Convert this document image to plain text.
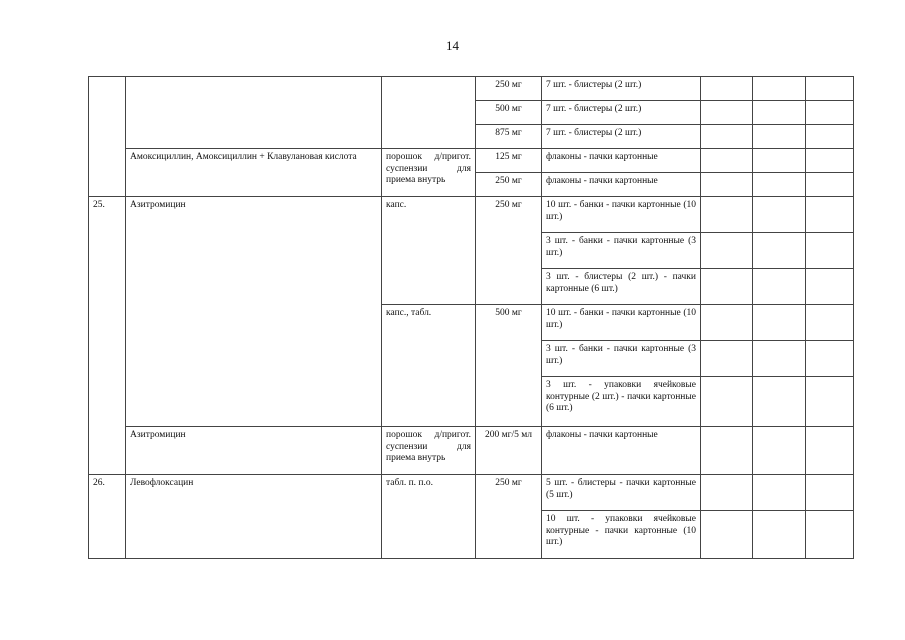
14
			250 мг	7 шт. - блистеры (2 шт.)			
			500 мг	7 шт. - блистеры (2 шт.)			
			875 мг	7 шт. - блистеры (2 шт.)			
	Амоксициллин, Амоксициллин + Клавулановая кислота	порошок д/пригот. суспензии для приема внутрь	125 мг	флаконы - пачки картонные			
			250 мг	флаконы - пачки картонные			
25.	Азитромицин	капс.	250 мг	10 шт. - банки - пачки картонные (10 шт.)			
				3 шт. - банки - пачки картонные (3 шт.)			
				3 шт. - блистеры (2 шт.) - пачки картонные (6 шт.)			
		капс., табл.	500 мг	10 шт. - банки - пачки картонные (10 шт.)			
				3 шт. - банки - пачки картонные (3 шт.)			
				3 шт. - упаковки ячейковые контурные (2 шт.) - пачки картонные (6 шт.)			
	Азитромицин	порошок д/пригот. суспензии для приема внутрь	200 мг/5 мл	флаконы - пачки картонные			
26.	Левофлоксацин	табл. п. п.о.	250 мг	5 шт. - блистеры - пачки картонные (5 шт.)			
				10 шт. - упаковки ячейковые контурные - пачки картонные (10 шт.)			
